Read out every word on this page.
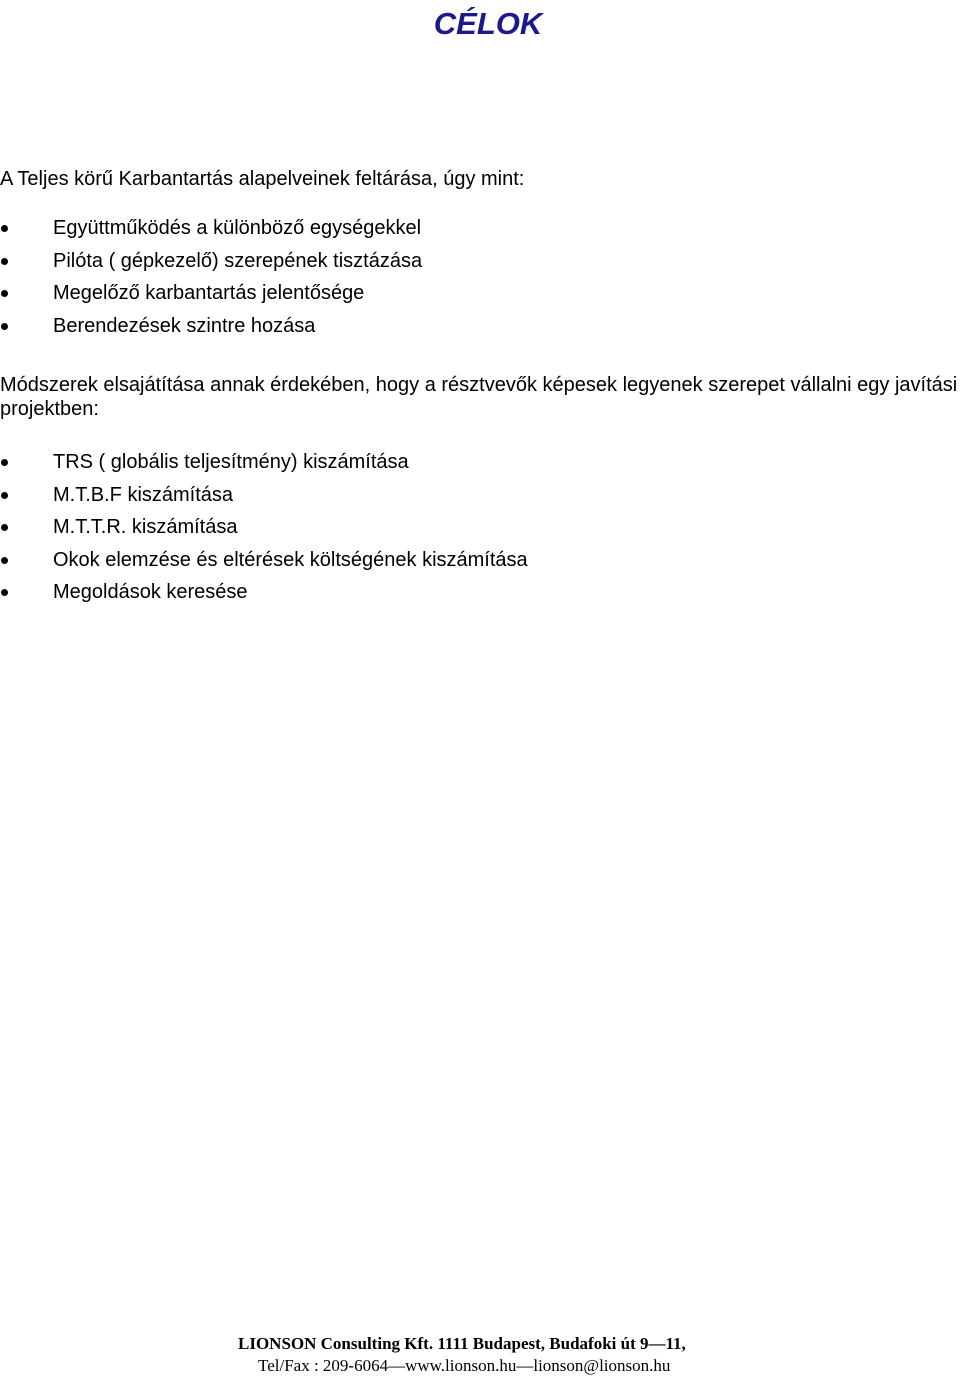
CÉLOK

A Teljes körű Karbantartás alapelveinek feltárása, úgy mint:

Együttműködés a különböző egységekkel
Pilóta ( gépkezelő) szerepének tisztázása
Megelőző karbantartás jelentősége
Berendezések szintre hozása

Módszerek elsajátítása annak érdekében, hogy a résztvevők képesek legyenek szerepet vállalni egy javítási projektben:

TRS ( globális teljesítmény) kiszámítása
M.T.B.F kiszámítása
M.T.T.R. kiszámítása
Okok elemzése és eltérések költségének kiszámítása
Megoldások keresése
LIONSON Consulting Kft. 1111 Budapest, Budafoki út 9—11,
Tel/Fax : 209-6064—www.lionson.hu—lionson@lionson.hu
